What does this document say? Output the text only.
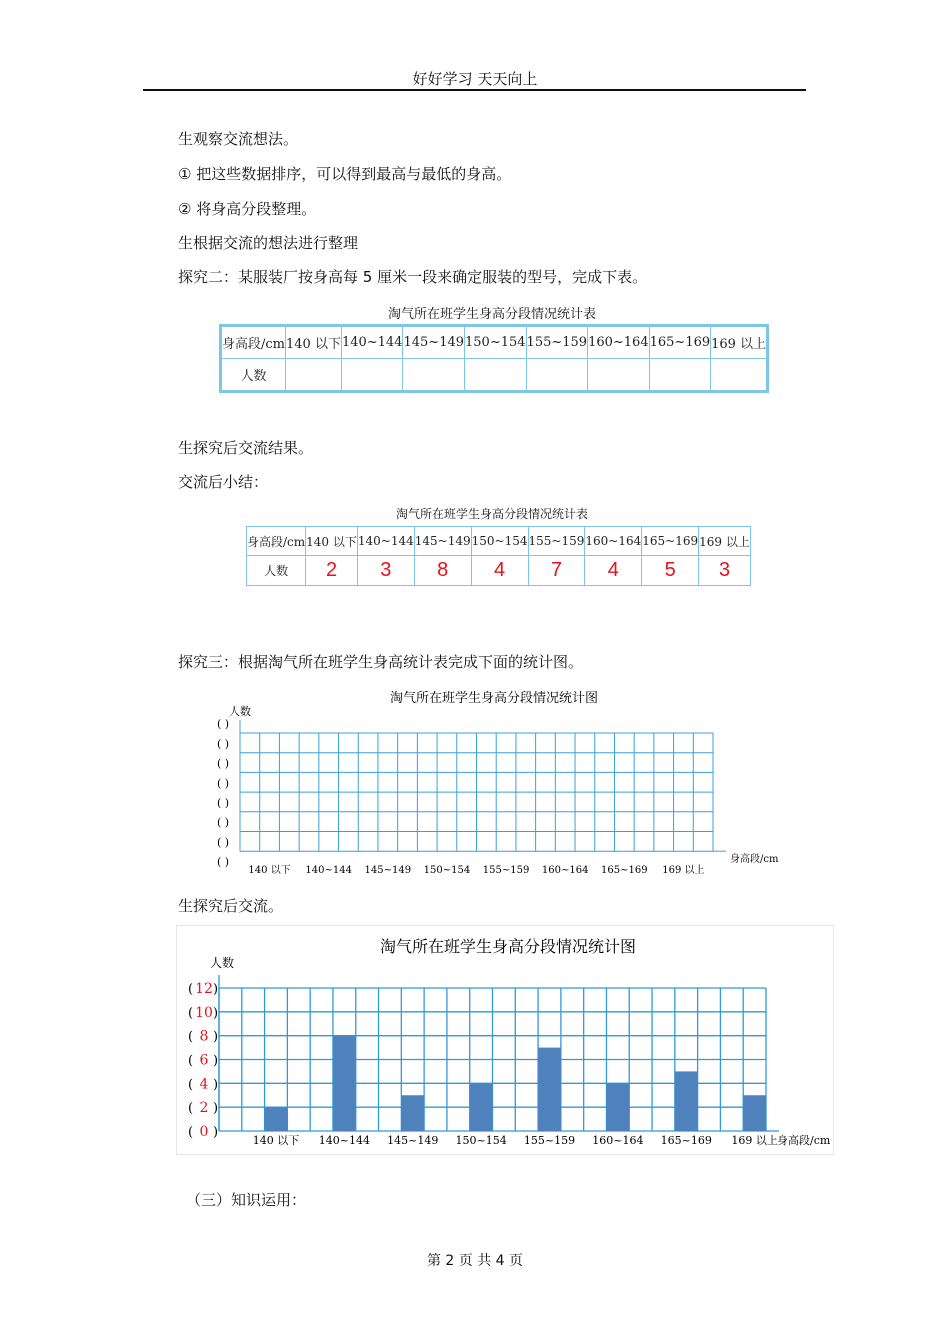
好好学习 天天向上
生观察交流想法。
① 把这些数据排序，可以得到最高与最低的身高。
② 将身高分段整理。
生根据交流的想法进行整理
探究二：某服装厂按身高每 5 厘米一段来确定服装的型号，完成下表。
淘气所在班学生身高分段情况统计表
身高段/cm	140 以下	140~144	145~149	150~154	155~159	160~164	165~169	169 以上
人数								
生探究后交流结果。
交流后小结：
淘气所在班学生身高分段情况统计表
身高段/cm	140 以下	140~144	145~149	150~154	155~159	160~164	165~169	169 以上
人数	2	3	8	4	7	4	5	3
探究三：根据淘气所在班学生身高统计表完成下面的统计图。
淘气所在班学生身高分段情况统计图
人数
( )
( )
( )
( )
( )
( )
( )
( )
140 以下 140~144 145~149 150~154 155~159 160~164 165~169 169 以上
身高段/cm
生探究后交流。
淘气所在班学生身高分段情况统计图
人数
( 0 )
( 2 )
( 4 )
( 6 )
( 8 )
( 10 )
( 12 )
140 以下 140~144 145~149 150~154 155~159 160~164 165~169 169 以上 身高段/cm
（三）知识运用：
第 2 页 共 4 页
